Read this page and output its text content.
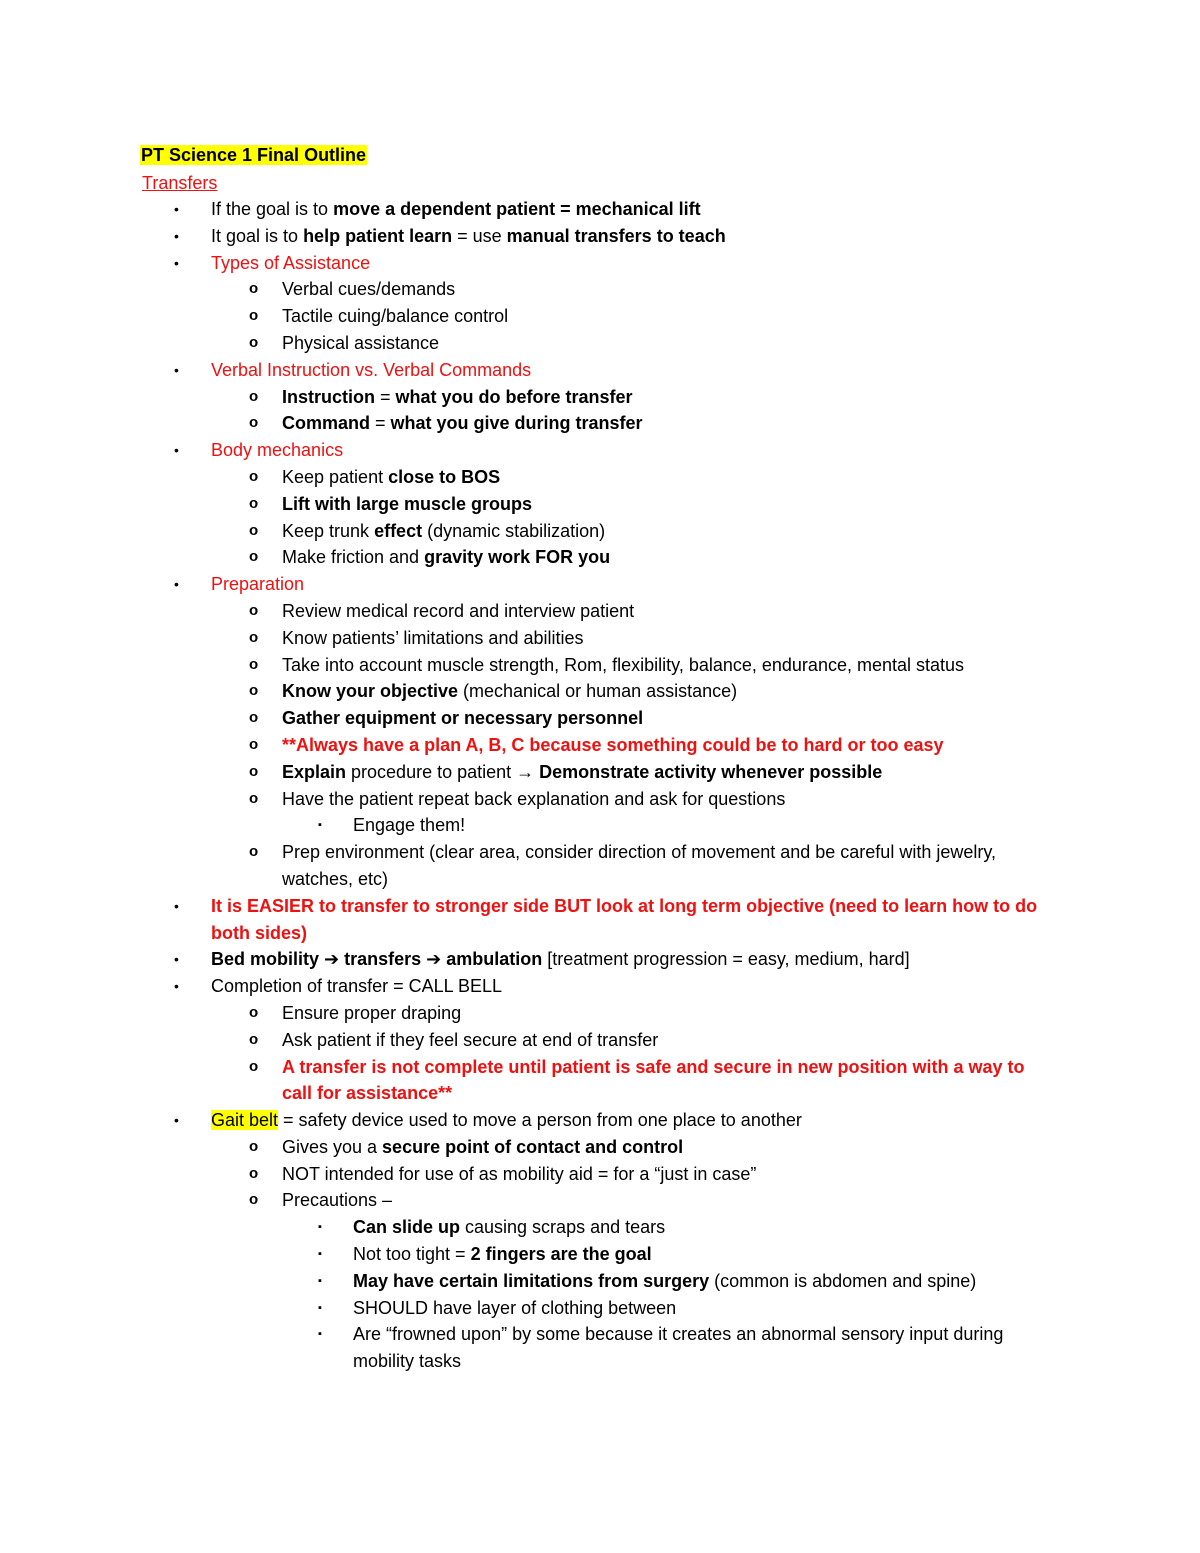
PT Science 1 Final Outline
Transfers
• If the goal is to move a dependent patient = mechanical lift
• It goal is to help patient learn = use manual transfers to teach
• Types of Assistance
o Verbal cues/demands
o Tactile cuing/balance control
o Physical assistance
• Verbal Instruction vs. Verbal Commands
o Instruction = what you do before transfer
o Command = what you give during transfer
• Body mechanics
o Keep patient close to BOS
o Lift with large muscle groups
o Keep trunk effect (dynamic stabilization)
o Make friction and gravity work FOR you
• Preparation
o Review medical record and interview patient
o Know patients’ limitations and abilities
o Take into account muscle strength, Rom, flexibility, balance, endurance, mental status
o Know your objective (mechanical or human assistance)
o Gather equipment or necessary personnel
o **Always have a plan A, B, C because something could be to hard or too easy
o Explain procedure to patient → Demonstrate activity whenever possible
o Have the patient repeat back explanation and ask for questions
▪ Engage them!
o Prep environment (clear area, consider direction of movement and be careful with jewelry, watches, etc)
• It is EASIER to transfer to stronger side BUT look at long term objective (need to learn how to do both sides)
• Bed mobility ➔ transfers ➔ ambulation [treatment progression = easy, medium, hard]
• Completion of transfer = CALL BELL
o Ensure proper draping
o Ask patient if they feel secure at end of transfer
o A transfer is not complete until patient is safe and secure in new position with a way to call for assistance**
• Gait belt = safety device used to move a person from one place to another
o Gives you a secure point of contact and control
o NOT intended for use of as mobility aid = for a “just in case”
o Precautions –
▪ Can slide up causing scraps and tears
▪ Not too tight = 2 fingers are the goal
▪ May have certain limitations from surgery (common is abdomen and spine)
▪ SHOULD have layer of clothing between
▪ Are “frowned upon” by some because it creates an abnormal sensory input during mobility tasks
